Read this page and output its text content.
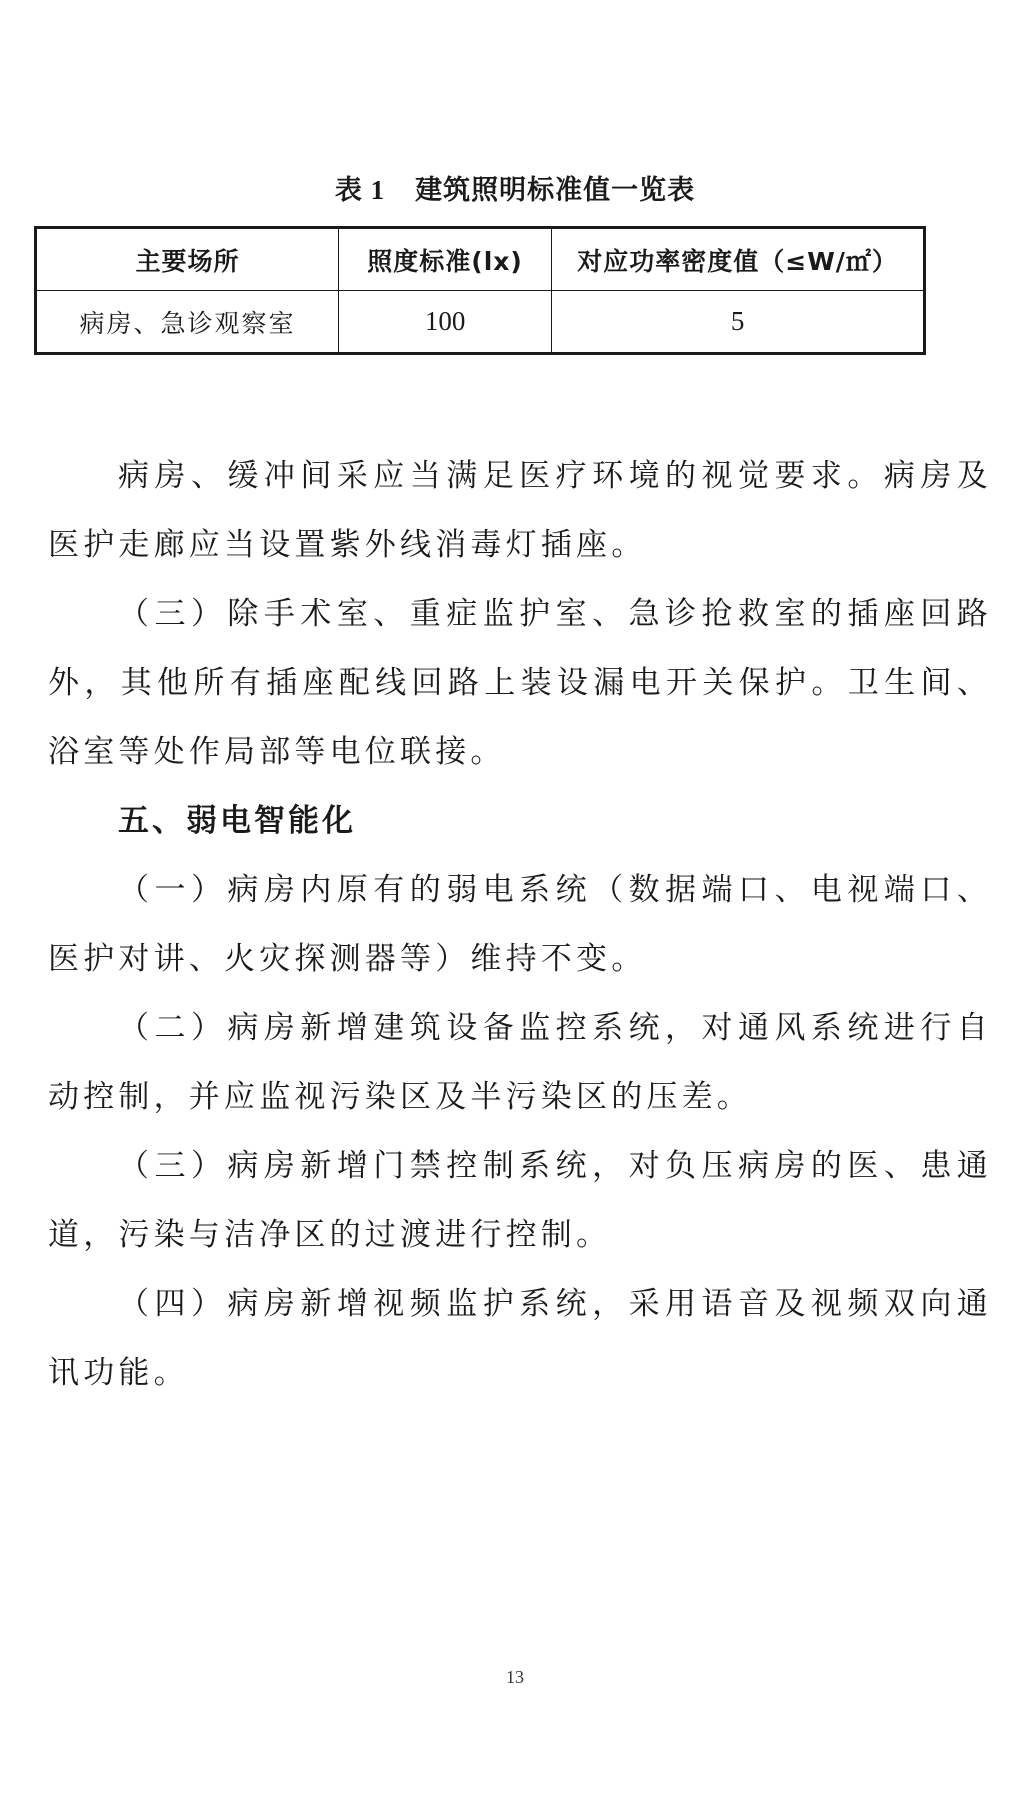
表 1 建筑照明标准值一览表
主要场所	照度标准(lx)	对应功率密度值（≤W/㎡）
病房、急诊观察室	100	5

病房、缓冲间采应当满足医疗环境的视觉要求。病房及医护走廊应当设置紫外线消毒灯插座。

（三）除手术室、重症监护室、急诊抢救室的插座回路外，其他所有插座配线回路上装设漏电开关保护。卫生间、浴室等处作局部等电位联接。

五、弱电智能化

（一）病房内原有的弱电系统（数据端口、电视端口、医护对讲、火灾探测器等）维持不变。

（二）病房新增建筑设备监控系统，对通风系统进行自动控制，并应监视污染区及半污染区的压差。

（三）病房新增门禁控制系统，对负压病房的医、患通道，污染与洁净区的过渡进行控制。

（四）病房新增视频监护系统，采用语音及视频双向通讯功能。

13
